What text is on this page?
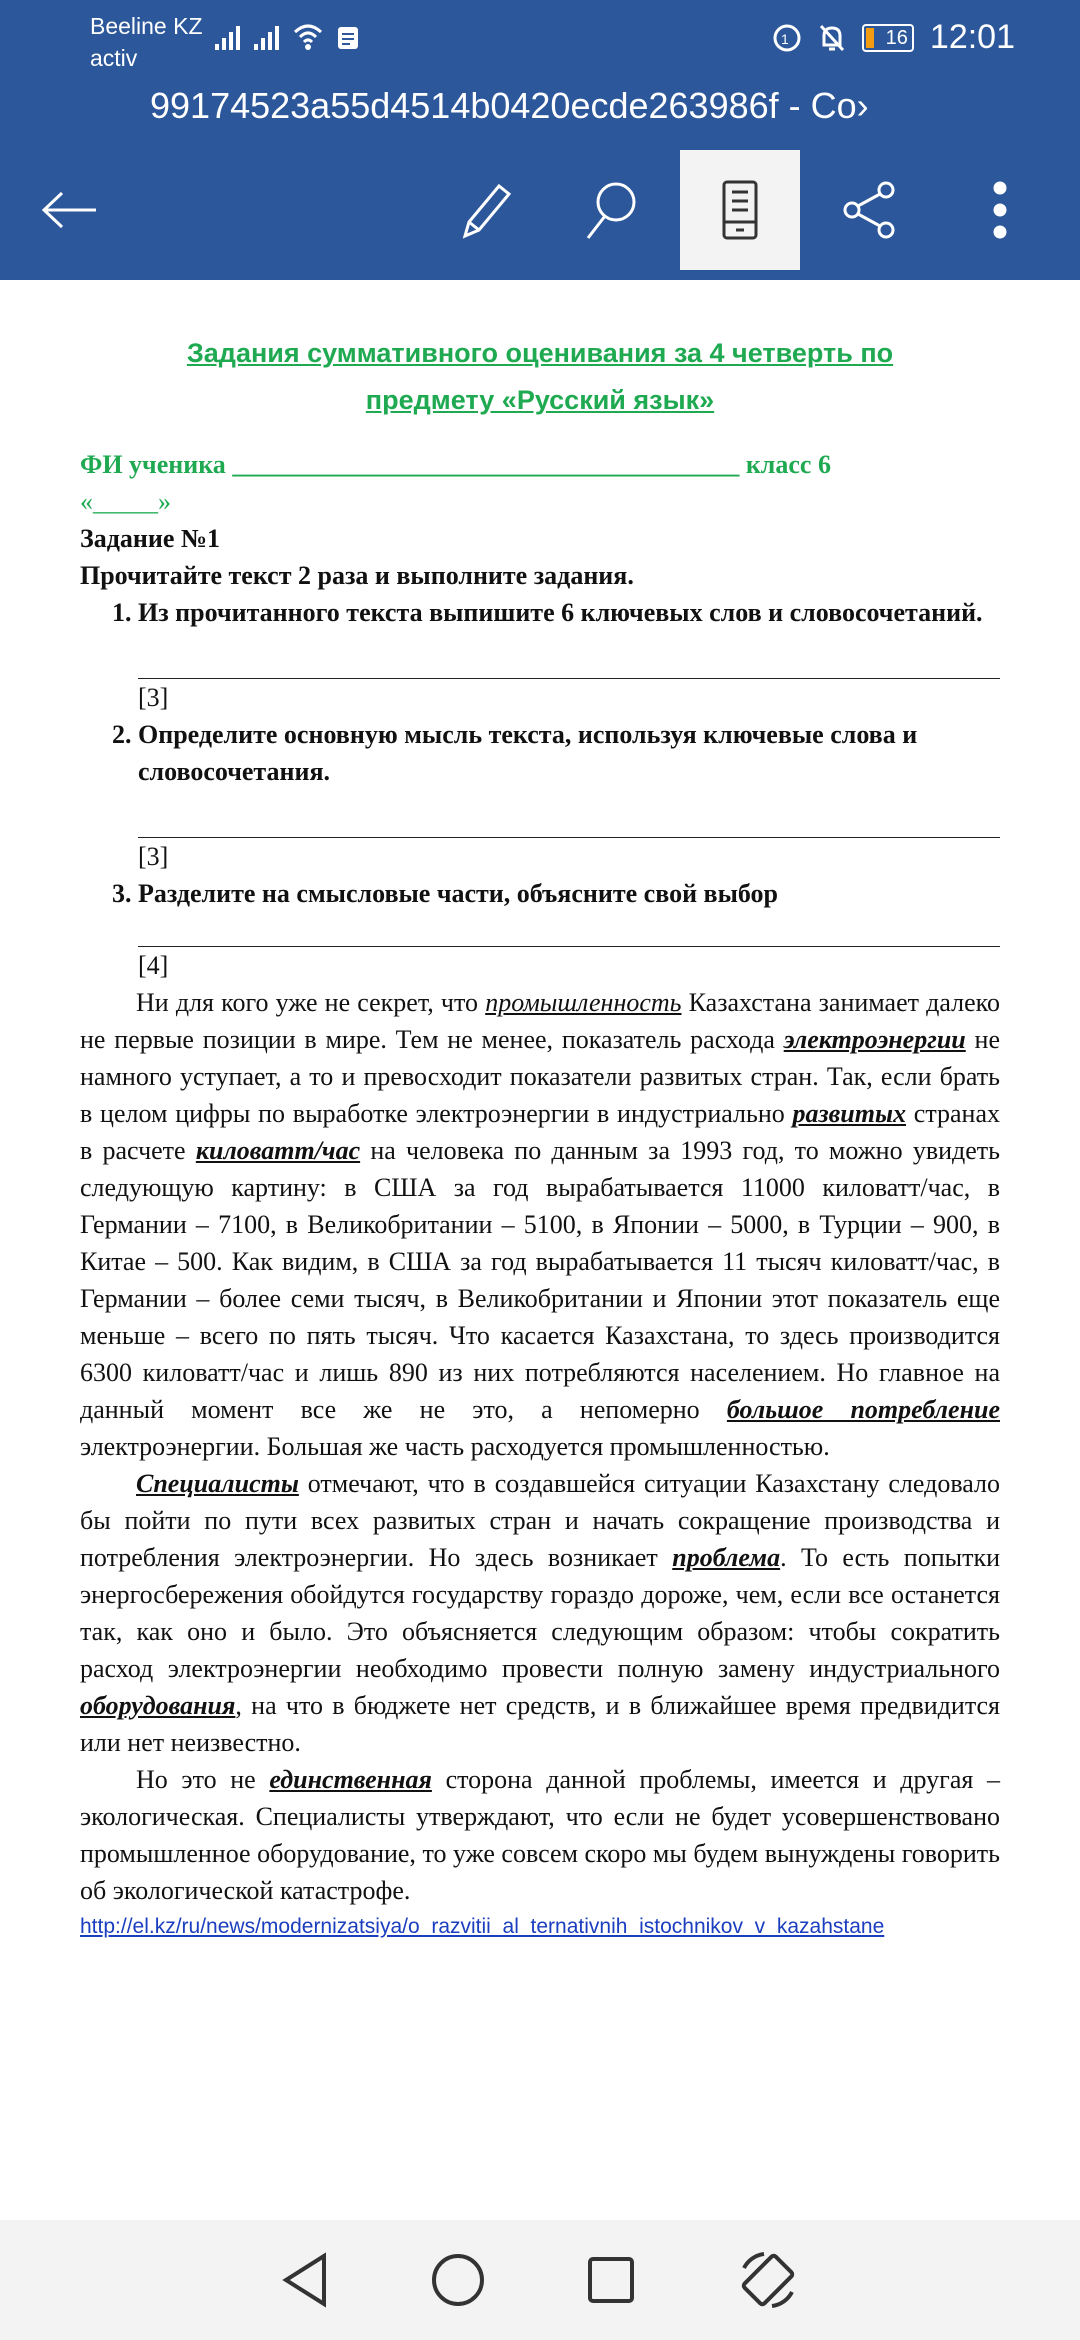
Beeline KZ
activ
1	16 12:01
99174523a55d4514b0420ecde263986f - Co›
Задания суммативного оценивания за 4 четверть по
предмету «Русский язык»
ФИ ученика _______________________________________ класс 6
«_____»
Задание №1
Прочитайте текст 2 раза и выполните задания.
1. Из прочитанного текста выпишите 6 ключевых слов и словосочетаний.
[3]
2. Определите основную мысль текста, используя ключевые слова и словосочетания.
[3]
3. Разделите на смысловые части, объясните свой выбор
[4]

Ни для кого уже не секрет, что промышленность Казахстана занимает далеко не первые позиции в мире. Тем не менее, показатель расхода электроэнергии не намного уступает, а то и превосходит показатели развитых стран. Так, если брать в целом цифры по выработке электроэнергии в индустриально развитых странах в расчете киловатт/час на человека по данным за 1993 год, то можно увидеть следующую картину: в США за год вырабатывается 11000 киловатт/час, в Германии – 7100, в Великобритании – 5100, в Японии – 5000, в Турции – 900, в Китае – 500. Как видим, в США за год вырабатывается 11 тысяч киловатт/час, в Германии – более семи тысяч, в Великобритании и Японии этот показатель еще меньше – всего по пять тысяч. Что касается Казахстана, то здесь производится 6300 киловатт/час и лишь 890 из них потребляются населением. Но главное на данный момент все же не это, а непомерно большое потребление электроэнергии. Большая же часть расходуется промышленностью.

Специалисты отмечают, что в создавшейся ситуации Казахстану следовало бы пойти по пути всех развитых стран и начать сокращение производства и потребления электроэнергии. Но здесь возникает проблема. То есть попытки энергосбережения обойдутся государству гораздо дороже, чем, если все останется так, как оно и было. Это объясняется следующим образом: чтобы сократить расход электроэнергии необходимо провести полную замену индустриального оборудования, на что в бюджете нет средств, и в ближайшее время предвидится или нет неизвестно.

Но это не единственная сторона данной проблемы, имеется и другая – экологическая. Специалисты утверждают, что если не будет усовершенствовано промышленное оборудование, то уже совсем скоро мы будем вынуждены говорить об экологической катастрофе.

http://el.kz/ru/news/modernizatsiya/o_razvitii_al_ternativnih_istochnikov_v_kazahstane
